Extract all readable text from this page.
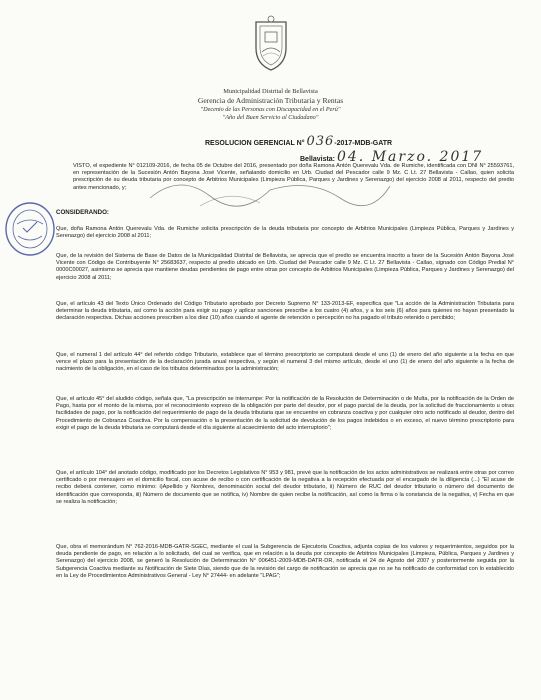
Municipalidad Distrital de Bellavista
Gerencia de Administración Tributaria y Rentas
"Decenio de las Personas con Discapacidad en el Perú"
"Año del Buen Servicio al Ciudadano"
RESOLUCION GERENCIAL N° 036-2017-MDB-GATR
Bellavista: 04. Marzo. 2017
VISTO, el expediente N° 012109-2016, de fecha 05 de Octubre del 2016, presentado por doña Ramona Antón Querevalu Vda. de Rumiche, identificada con DNI N° 25593761, en representación de la Sucesión Antón Bayona José Vicente, señalando domicilio en Urb. Ciudad del Pescador calle 9 Mz. C Lt. 27 Bellavista - Callao, quien solicita prescripción de su deuda tributaria por concepto de Arbitrios Municipales (Limpieza Pública, Parques y Jardines y Serenazgo) del ejercicio 2008 al 2011, respecto del predio antes mencionado, y;
CONSIDERANDO:
Que, doña Ramona Antón Querevalu Vda. de Rumiche solicita prescripción de la deuda tributaria por concepto de Arbitrios Municipales (Limpieza Pública, Parques y Jardines y Serenazgo) del ejercicio 2008 al 2011;
Que, de la revisión del Sistema de Base de Datos de la Municipalidad Distrital de Bellavista, se aprecia que el predio se encuentra inscrito a favor de la Sucesión Antón Bayona José Vicente con Código de Contribuyente N° 25683637, respecto al predio ubicado en Urb. Ciudad del Pescador calle 9 Mz. C Lt. 27 Bellavista - Callao, signado con Código Predial N° 0000C00027, asimismo se aprecia que mantiene deudas pendientes de pago entre otras por concepto de Arbitrios Municipales (Limpieza Pública, Parques y Jardines y Serenazgo) del ejercicio 2008 al 2011;
Que, el artículo 43 del Texto Único Ordenado del Código Tributario aprobado por Decreto Supremo N° 133-2013-EF, especifica que "La acción de la Administración Tributaria para determinar la deuda tributaria, así como la acción para exigir su pago y aplicar sanciones prescribe a los cuatro (4) años, y a los seis (6) años para quienes no hayan presentado la declaración respectiva. Dichas acciones prescriben a los diez (10) años cuando el agente de retención o percepción no ha pagado el tributo retenido o percibido;
Que, el numeral 1 del artículo 44° del referido código Tributario, establece que el término prescriptorio se computará desde el uno (1) de enero del año siguiente a la fecha en que vence el plazo para la presentación de la declaración jurada anual respectiva, y según el numeral 3 del mismo artículo, desde el uno (1) de enero del año siguiente a la fecha de nacimiento de la obligación, en el caso de los tributos determinados por la administración;
Que, el artículo 45° del aludido código, señala que, "La prescripción se interrumpe: Por la notificación de la Resolución de Determinación o de Multa, por la notificación de la Orden de Pago, hasta por el monto de la misma, por el reconocimiento expreso de la obligación por parte del deudor, por el pago parcial de la deuda, por la solicitud de fraccionamiento u otras facilidades de pago, por la notificación del requerimiento de pago de la deuda tributaria que se encuentre en cobranza coactiva y por cualquier otro acto notificado al deudor, dentro del Procedimiento de Cobranza Coactiva. Por la compensación o la presentación de la solicitud de devolución de los pagos indebidos o en exceso, el nuevo término prescriptorio para exigir el pago de la deuda tributaria se computará desde el día siguiente al acaecimiento del acto interruptorio";
Que, el artículo 104° del anotado código, modificado por los Decretos Legislativos N° 953 y 981, prevé que la notificación de los actos administrativos se realizará entre otras por correo certificado o por mensajero en el domicilio fiscal, con acuse de recibo o con certificación de la negativa a la recepción efectuada por el encargado de la diligencia (...) "El acuse de recibo deberá contener, como mínimo: i)Apellido y Nombres, denominación social del deudor tributario, ii) Número de RUC del deudor tributario o número del documento de identificación que corresponda, iii) Número de documento que se notifica, iv) Nombre de quien recibe la notificación, así como la firma o la constancia de la negativa, v) Fecha en que se realiza la notificación;
Que, obra el memorándum N° 762-2016-MDB-GATR-SGEC, mediante el cual la Subgerencia de Ejecutoria Coactiva, adjunta copias de los valores y requerimientos, seguidos por la deuda pendiente de pago, en relación a lo solicitado, del cual se verifica, que en relación a la deuda por concepto de Arbitrios Municipales (Limpieza, Pública, Parques y Jardines y Serenazgo) del ejercicio 2008, se generó la Resolución de Determinación N° 006451-2009-MDB-DATR-DR, notificada el 24 de Agosto del 2007 y posteriormente seguida por la Subgerencia Coactiva mediante su Notificación de Siete Días, siendo que de la revisión del cargo de notificación se aprecia que no se ha notificado de conformidad con lo establecido en la Ley de Procedimientos Administrativos General - Ley N° 27444- en adelante "LPAG";
